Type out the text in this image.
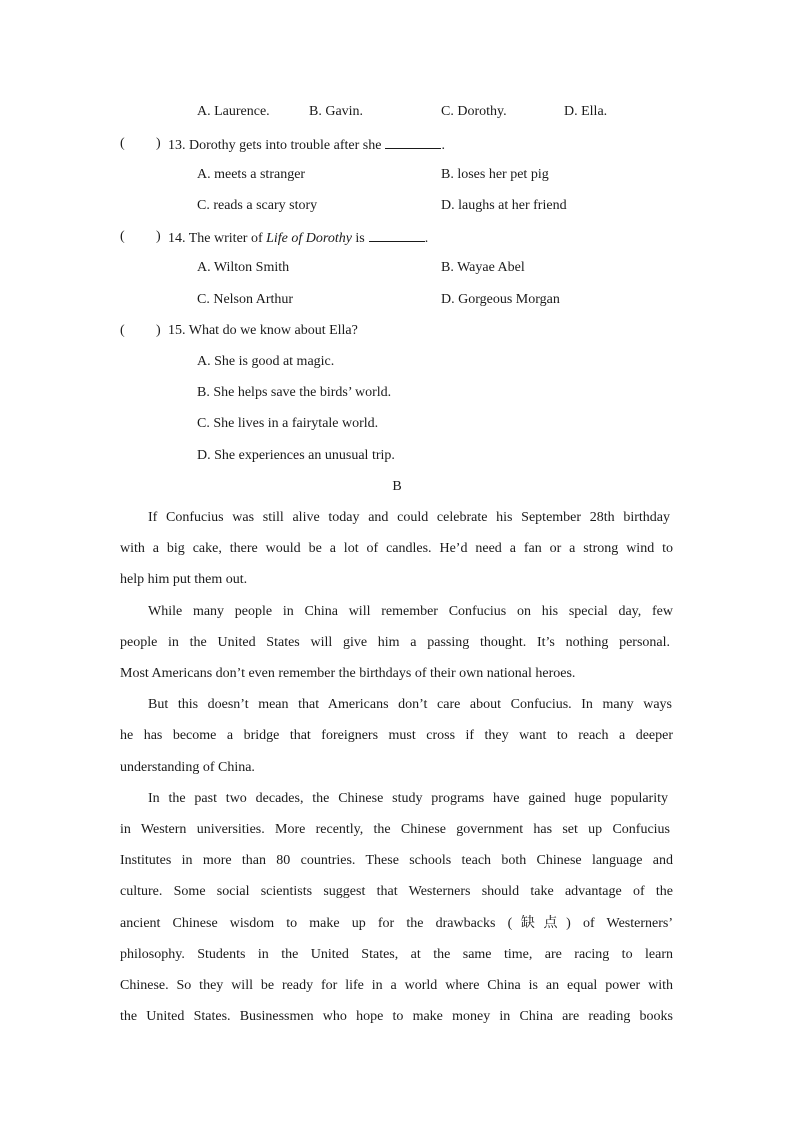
A. Laurence.	B. Gavin.	C. Dorothy.	D. Ella.
( ) 13. Dorothy gets into trouble after she	.
A. meets a stranger	B. loses her pet pig
C. reads a scary story	D. laughs at her friend
( ) 14. The writer of Life of Dorothy is	.
A. Wilton Smith	B. Wayae Abel
C. Nelson Arthur	D. Gorgeous Morgan
( ) 15. What do we know about Ella?
A. She is good at magic.
B. She helps save the birds’ world.
C. She lives in a fairytale world.
D. She experiences an unusual trip.
B
If Confucius was still alive today and could celebrate his September 28th birthday
with a big cake, there would be a lot of candles. He’d need a fan or a strong wind to
help him put them out.
While many people in China will remember Confucius on his special day, few
people in the United States will give him a passing thought. It’s nothing personal.
Most Americans don’t even remember the birthdays of their own national heroes.
But this doesn’t mean that Americans don’t care about Confucius. In many ways
he has become a bridge that foreigners must cross if they want to reach a deeper
understanding of China.
In the past two decades, the Chinese study programs have gained huge popularity
in Western universities. More recently, the Chinese government has set up Confucius
Institutes in more than 80 countries. These schools teach both Chinese language and
culture. Some social scientists suggest that Westerners should take advantage of the
ancient Chinese wisdom to make up for the drawbacks (缺点) of Westerners’
philosophy. Students in the United States, at the same time, are racing to learn
Chinese. So they will be ready for life in a world where China is an equal power with
the United States. Businessmen who hope to make money in China are reading books
